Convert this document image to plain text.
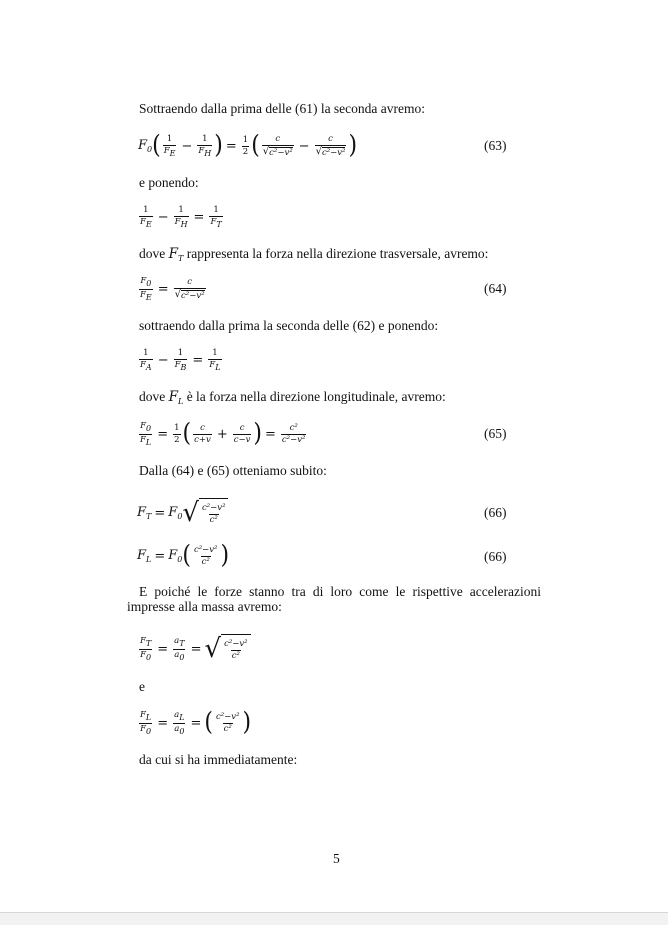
Sottraendo dalla prima delle (61) la seconda avremo:
$F_0$ ( $\frac{1}{F_E} - \frac{1}{F_H}$ ) = $\frac{1}{2}$ ( $\frac{c}{\text{√ c²−v²}} - \frac{c}{\text{√ c²−v²}}$ )	(63)
e ponendo:
$\frac{1}{F_E} - \frac{1}{F_H} = \frac{1}{F_T}$
dove $F_T$ rappresenta la forza nella direzione trasversale, avremo:
$\frac{F_0}{F_E} = \frac{c}{\text{√ c²−v²}}$	(64)
sottraendo dalla prima la seconda delle (62) e ponendo:
$\frac{1}{F_A} - \frac{1}{F_B} = \frac{1}{F_L}$
dove $F_L$ è la forza nella direzione longitudinale, avremo:
$\frac{F_0}{F_L} = \frac{1}{2}$ ( $\frac{c}{c+v} + \frac{c}{c-v}$ ) = $\frac{\text{c²}}{\text{c²−v²}}$	(65)
Dalla (64) e (65) otteniamo subito:
$F_T = F_0$ √ $\frac{\text{c²−v²}}{\text{c²}}$	(66)
$F_L = F_0$ ( $\frac{\text{c²−v²}}{\text{c²}}$ )	(66)
E poiché le forze stanno tra di loro come le rispettive accelerazioni
impresse alla massa avremo:
$\frac{F_T}{F_0} = \frac{a_T}{a_0}$ = √ $\frac{\text{c²−v²}}{\text{c²}}$
e
$\frac{F_L}{F_0} = \frac{a_L}{a_0}$ = ( $\frac{\text{c²−v²}}{\text{c²}}$ )
da cui si ha immediatamente:
5
